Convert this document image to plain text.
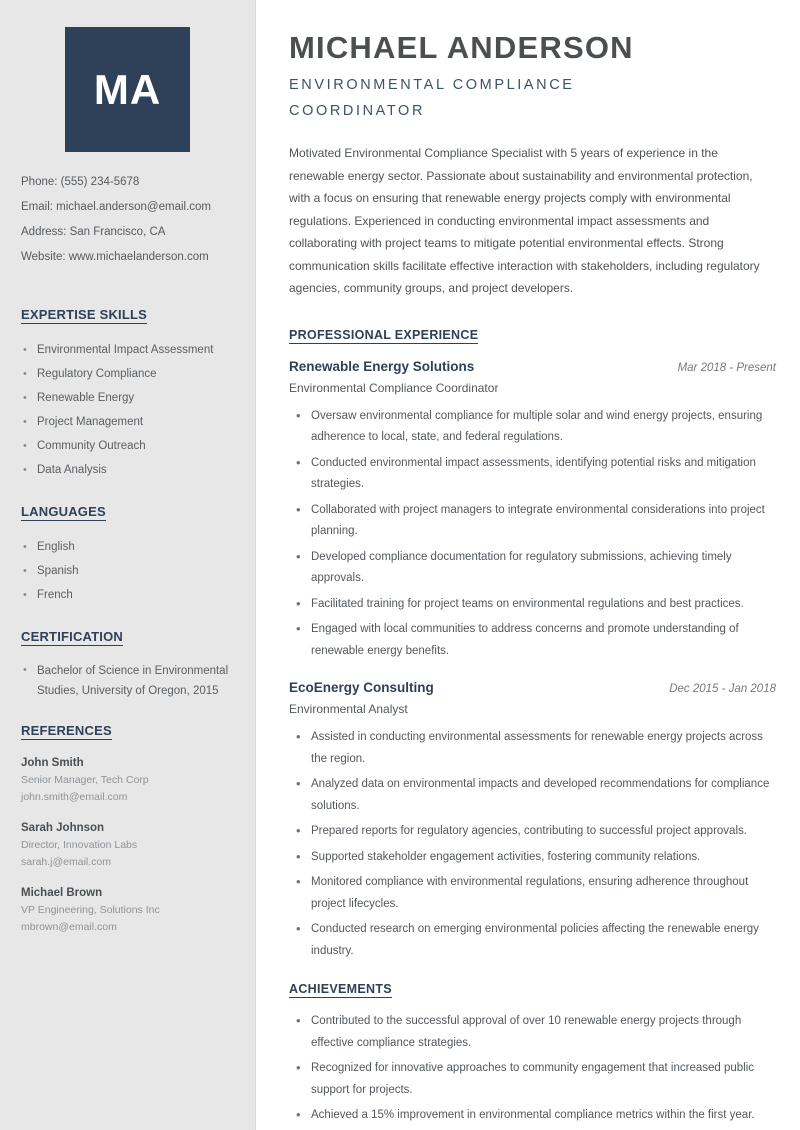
MA
Phone: (555) 234-5678
Email: michael.anderson@email.com
Address: San Francisco, CA
Website: www.michaelanderson.com
EXPERTISE SKILLS
• Environmental Impact Assessment
• Regulatory Compliance
• Renewable Energy
• Project Management
• Community Outreach
• Data Analysis
LANGUAGES
• English
• Spanish
• French
CERTIFICATION
• Bachelor of Science in Environmental Studies, University of Oregon, 2015
REFERENCES
John Smith
Senior Manager, Tech Corp
john.smith@email.com
Sarah Johnson
Director, Innovation Labs
sarah.j@email.com
Michael Brown
VP Engineering, Solutions Inc
mbrown@email.com
MICHAEL ANDERSON
ENVIRONMENTAL COMPLIANCE COORDINATOR

Motivated Environmental Compliance Specialist with 5 years of experience in the renewable energy sector. Passionate about sustainability and environmental protection, with a focus on ensuring that renewable energy projects comply with environmental regulations. Experienced in conducting environmental impact assessments and collaborating with project teams to mitigate potential environmental effects. Strong communication skills facilitate effective interaction with stakeholders, including regulatory agencies, community groups, and project developers.

PROFESSIONAL EXPERIENCE
Renewable Energy Solutions	Mar 2018 - Present
Environmental Compliance Coordinator
• Oversaw environmental compliance for multiple solar and wind energy projects, ensuring adherence to local, state, and federal regulations.
• Conducted environmental impact assessments, identifying potential risks and mitigation strategies.
• Collaborated with project managers to integrate environmental considerations into project planning.
• Developed compliance documentation for regulatory submissions, achieving timely approvals.
• Facilitated training for project teams on environmental regulations and best practices.
• Engaged with local communities to address concerns and promote understanding of renewable energy benefits.
EcoEnergy Consulting	Dec 2015 - Jan 2018
Environmental Analyst
• Assisted in conducting environmental assessments for renewable energy projects across the region.
• Analyzed data on environmental impacts and developed recommendations for compliance solutions.
• Prepared reports for regulatory agencies, contributing to successful project approvals.
• Supported stakeholder engagement activities, fostering community relations.
• Monitored compliance with environmental regulations, ensuring adherence throughout project lifecycles.
• Conducted research on emerging environmental policies affecting the renewable energy industry.
ACHIEVEMENTS
• Contributed to the successful approval of over 10 renewable energy projects through effective compliance strategies.
• Recognized for innovative approaches to community engagement that increased public support for projects.
• Achieved a 15% improvement in environmental compliance metrics within the first year.
